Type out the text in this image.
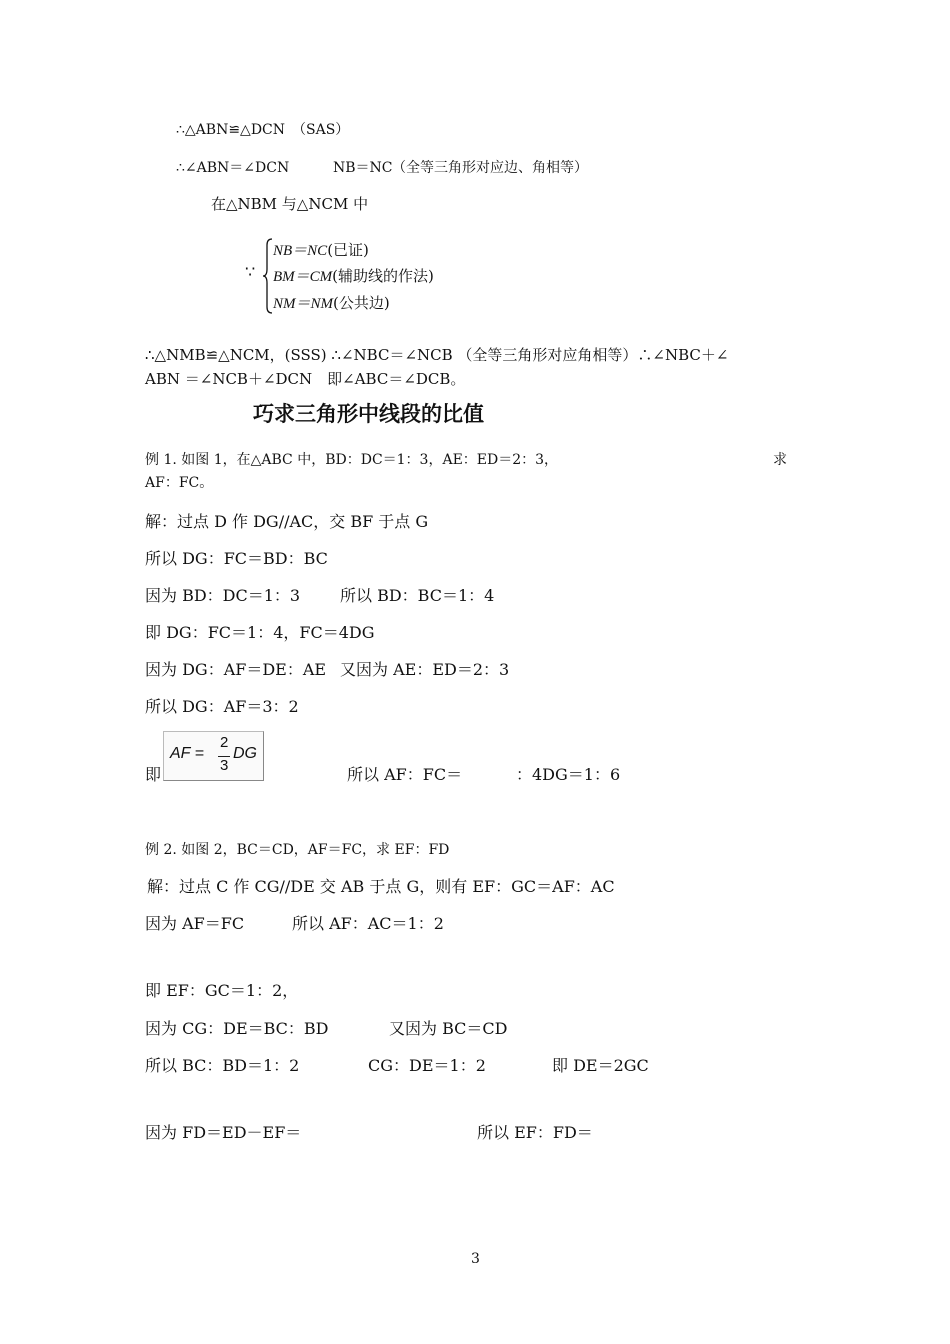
∴△ABN≌△DCN　（SAS）
∴∠ABN＝∠DCN	NB＝NC （全等三角形对应边、角相等）
在△NBM 与△NCM 中
∵
NB＝NC(已证)
BM＝CM(辅助线的作法)
NM＝NM(公共边)
∴△NMB≌△NCM，(SSS) ∴∠NBC＝∠NCB （全等三角形对应角相等）∴∠NBC＋∠
ABN ＝∠NCB＋∠DCN　即∠ABC＝∠DCB。
巧求三角形中线段的比值
例 1. 如图 1，在△ABC 中，BD：DC＝1：3，AE：ED＝2：3，	求
AF：FC。
解：过点 D 作 DG//AC，交 BF 于点 G
所以 DG：FC＝BD：BC
因为 BD：DC＝1：3 所以 BD：BC＝1：4
即 DG：FC＝1：4，FC＝4DG
因为 DG：AF＝DE：AE 又因为 AE：ED＝2：3
所以 DG：AF＝3：2
即
AF =
2
3
DG
所以 AF：FC＝	：4DG＝1：6
例 2. 如图 2，BC＝CD，AF＝FC，求 EF：FD
解：过点 C 作 CG//DE 交 AB 于点 G，则有 EF：GC＝AF：AC
因为 AF＝FC	所以 AF：AC＝1：2
即 EF：GC＝1：2，
因为 CG：DE＝BC：BD	又因为 BC＝CD
所以 BC：BD＝1：2	CG：DE＝1：2	即 DE＝2GC
因为 FD＝ED－EF＝	所以 EF：FD＝
3
